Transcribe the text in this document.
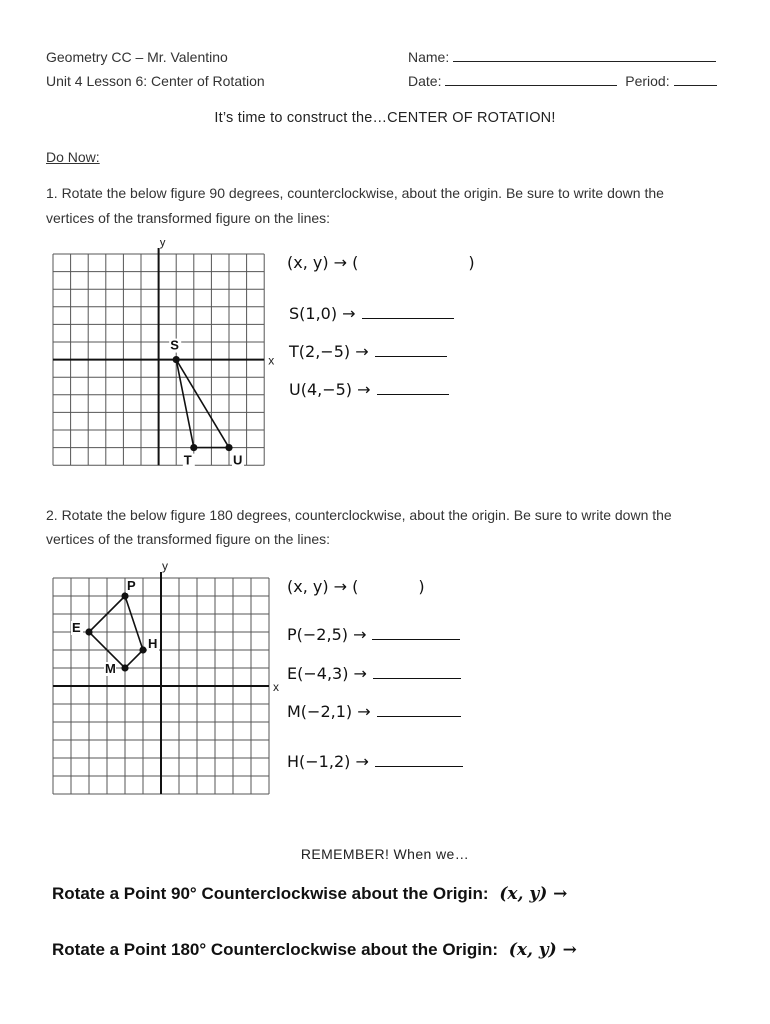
Geometry CC – Mr. Valentino
Unit 4 Lesson 6: Center of Rotation
Name:
Date:	Period:
It’s time to construct the…CENTER OF ROTATION!
Do Now:
1. Rotate the below figure 90 degrees, counterclockwise, about the origin. Be sure to write down the
vertices of the transformed figure on the lines:
x
y
S
T	U
(x, y) → (	)
S(1,0) →
T(2,−5) →
U(4,−5) →
2. Rotate the below figure 180 degrees, counterclockwise, about the origin. Be sure to write down the
vertices of the transformed figure on the lines:
x
y
P
E
M
H
(x, y) → (	)
P(−2,5) →
E(−4,3) →
M(−2,1) →
H(−1,2) →
REMEMBER! When we…
Rotate a Point 90° Counterclockwise about the Origin: (x, y) →
Rotate a Point 180° Counterclockwise about the Origin: (x, y) →
